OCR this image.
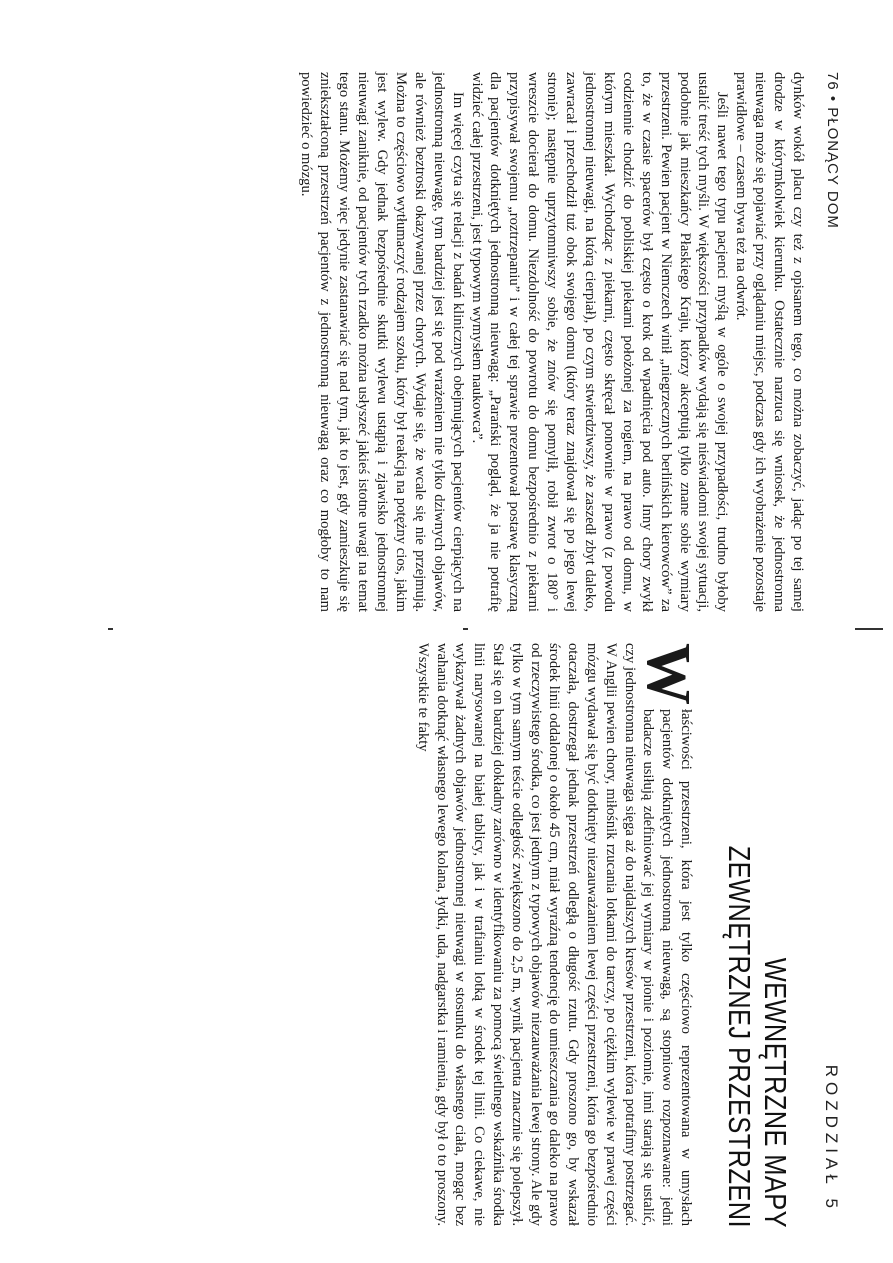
76 • PŁONĄCY DOM

dynków wokół placu czy też z opisanem tego, co można zobaczyć, jadąc po tej samej drodze w którymkolwiek kierunku. Ostatecznie narzuca się wniosek, że jednostronna nieuwaga może się pojawiać przy oglądaniu miejsc, podczas gdy ich wyobrażenie pozostaje prawidłowe – czasem bywa też na odwrót.

Jeśli nawet tego typu pacjenci myślą w ogóle o swojej przypadłości, trudno byłoby ustalić treść tych myśli. W większości przypadków wydają się nieświadomi swojej sytuacji, podobnie jak mieszkańcy Płaskiego Kraju, którzy akceptują tylko znane sobie wymiary przestrzeni. Pewien pacjent w Niemczech winił „niegrzecznych berlińskich kierowców” za to, że w czasie spacerów był często o krok od wpadnięcia pod auto. Inny chory zwykł codziennie chodzić do pobliskiej piekarni położonej za rogiem, na prawo od domu, w którym mieszkał. Wychodząc z piekarni, często skręcał ponownie w prawo (z powodu jednostronnej nieuwagi, na którą cierpiał), po czym stwierdziwszy, że zaszedł zbyt daleko, zawracał i przechodził tuż obok swojego domu (który teraz znajdował się po jego lewej stronie); następnie uprzytomniwszy sobie, że znów się pomylił, robił zwrot o 180° i wreszcie docierał do domu. Niezdolność do powrotu do domu bezpośrednio z piekarni przypisywał swojemu „roztrzepaniu” i w całej tej sprawie prezentował postawę klasyczną dla pacjentów dotkniętych jednostronną nieuwagą: „Parański pogląd, że ja nie potrafię widzieć całej przestrzeni, jest typowym wymysłem naukowca”.

Im więcej czyta się relacji z badań klinicznych obejmujących pacjentów cierpiących na jednostronną nieuwagę, tym bardziej jest się pod wrażeniem nie tylko dziwnych objawów, ale również beztroski okazywanej przez chorych. Wydaje się, że wcale się nie przejmują. Można to częściowo wytłumaczyć rodzajem szoku, który był reakcją na potężny cios, jakim jest wylew. Gdy jednak bezpośrednie skutki wylewu ustąpią i zjawisko jednostronnej nieuwagi zaniknie, od pacjentów tych rzadko można usłyszeć jakieś istotne uwagi na temat tego stanu. Możemy więc jedynie zastanawiać się nad tym, jak to jest, gdy zamieszkuje się zniekształconą przestrzeń pacjentów z jednostronną nieuwagą oraz co mogłoby to nam powiedzieć o mózgu.

ROZDZIAŁ 5
WEWNĘTRZNE MAPY
ZEWNĘTRZNEJ PRZESTRZENI
W

łaściwości przestrzeni, która jest tylko częściowo reprezentowana w umysłach pacjentów dotkniętych jednostronną nieuwagą, są stopniowo rozpoznawane: jedni badacze usiłują zdefiniować jej wymiary w pionie i poziomie, inni starają się ustalić, czy jednostronna nieuwaga sięga aż do najdalszych kresów przestrzeni, która potrafimy postrzegać. W Anglii pewien chory, miłośnik rzucania lotkami do tarczy, po ciężkim wylewie w prawej części mózgu wydawał się być dotknięty niezauważaniem lewej części przestrzeni, która go bezpośrednio otaczała, dostrzegał jednak przestrzeń odległą o długość rzutu. Gdy proszono go, by wskazał środek linii oddalonej o około 45 cm, miał wyraźną tendencję do umieszczania go daleko na prawo od rzeczywistego środka, co jest jednym z typowych objawów niezauważania lewej strony. Ale gdy tylko w tym samym teście odległość zwiększono do 2,5 m, wynik pacjenta znacznie się polepszył. Stał się on bardziej dokładny zarówno w identyfikowaniu za pomocą świetlnego wskaźnika środka linii narysowanej na białej tablicy, jak i w trafianiu lotką w środek tej linii. Co ciekawe, nie wykazywał żadnych objawów jednostronnej nieuwagi w stosunku do własnego ciała, mogąc bez wahania dotknąć własnego lewego kolana, łydki, uda, nadgarstka i ramienia, gdy był o to proszony. Wszystkie te fakty
